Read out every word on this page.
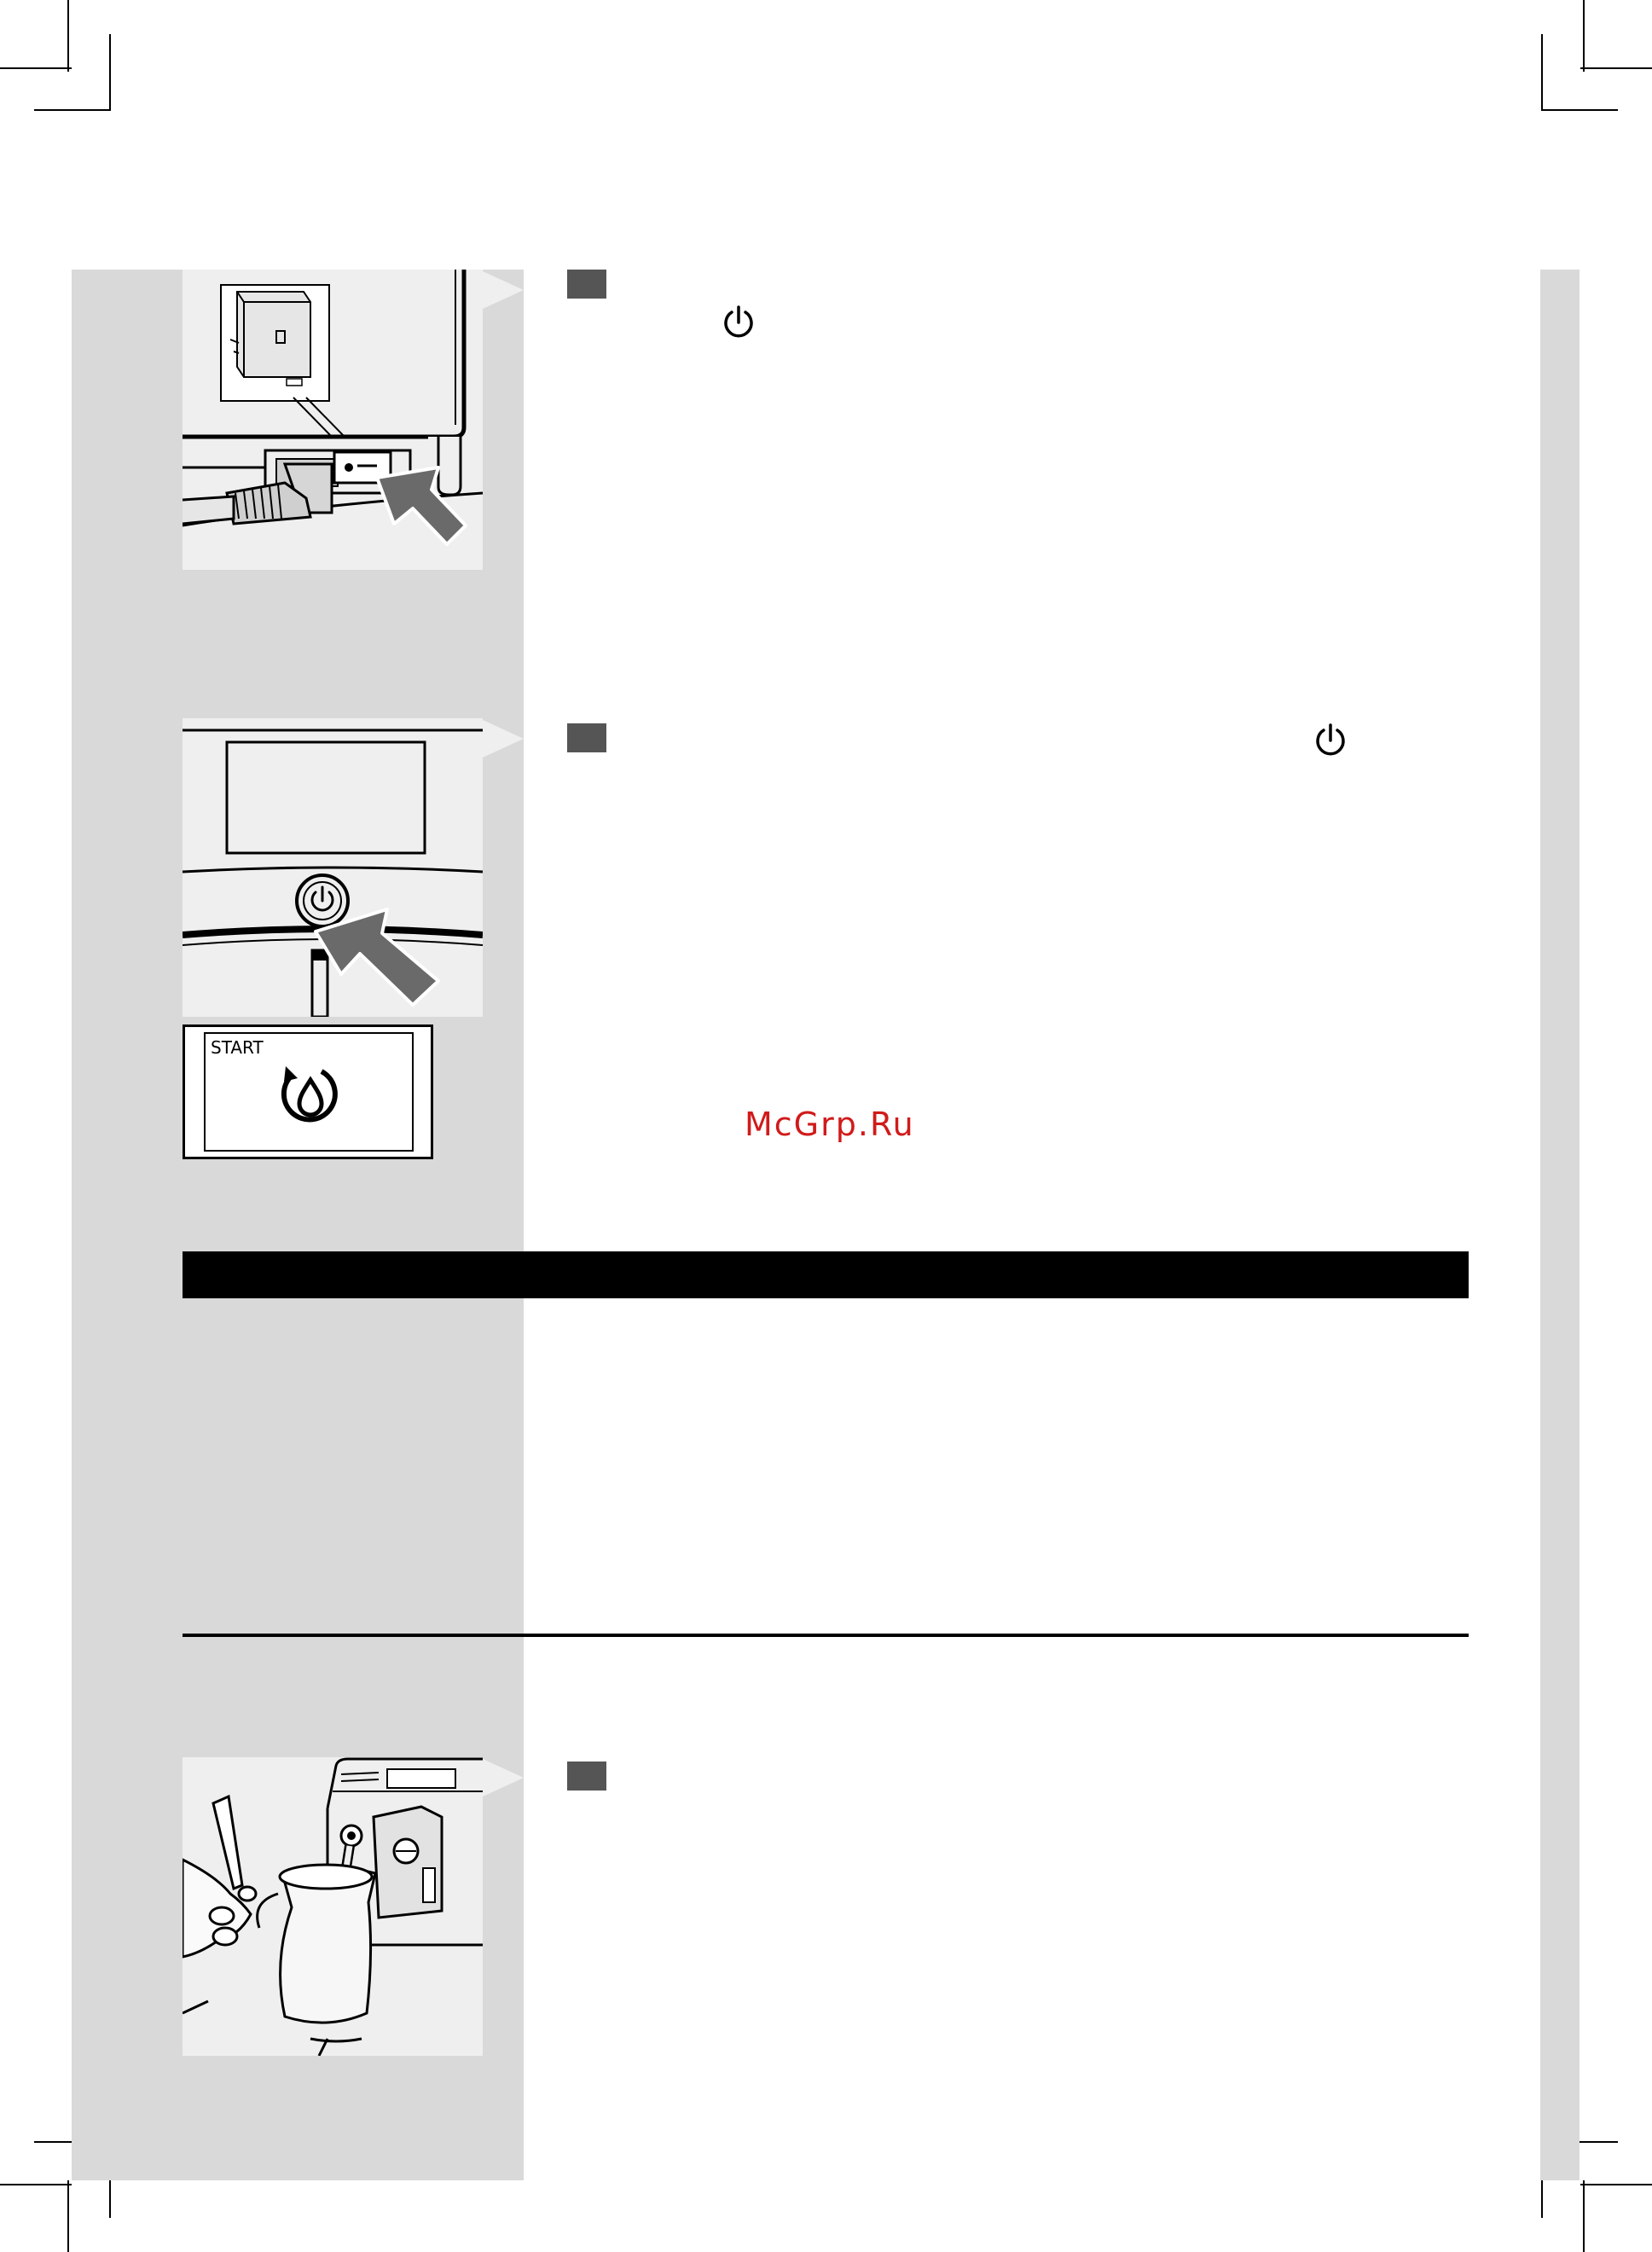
START
McGrp.Ru
